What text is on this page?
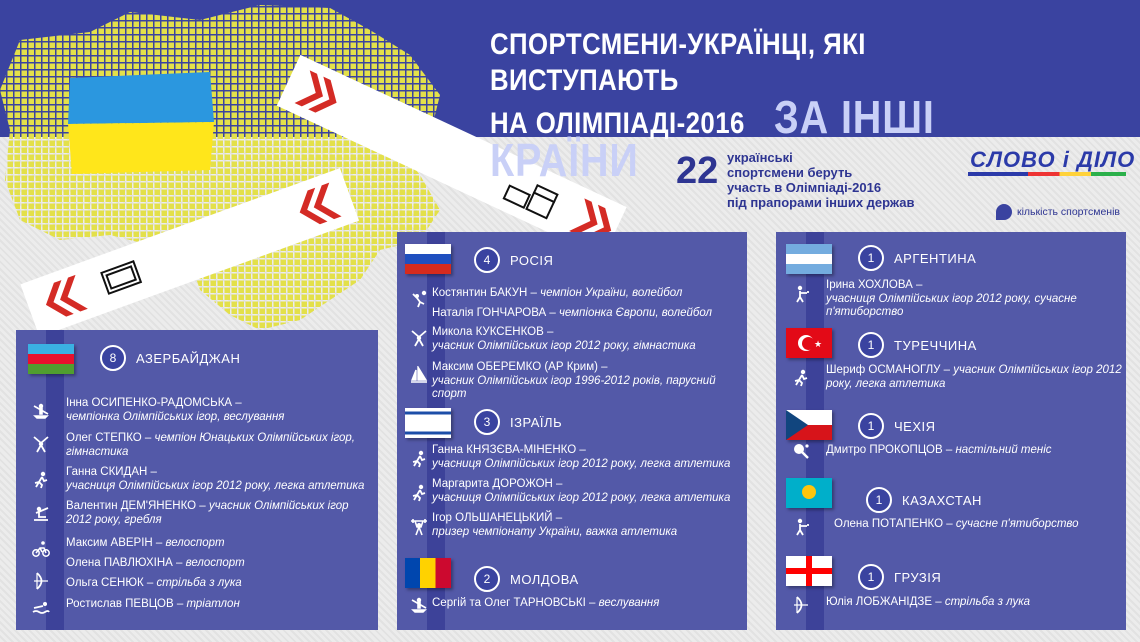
СПОРТСМЕНИ-УКРАЇНЦІ, ЯКІ ВИСТУПАЮТЬ

НА ОЛІМПІАДІ-2016 ЗА ІНШІ КРАЇНИ 22 українські
спортсмени беруть
участь в Олімпіаді-2016
під прапорами інших держав
СЛОВО і ДІЛО
кількість спортсменів
★
8	АЗЕРБАЙДЖАН
4	РОСІЯ
3	ІЗРАЇЛЬ
2	МОЛДОВА
1	АРГЕНТИНА
1	ТУРЕЧЧИНА
1	ЧЕХІЯ
1	КАЗАХСТАН
1	ГРУЗІЯ
Інна ОСИПЕНКО-РАДОМСЬКА –
чемпіонка Олімпійських ігор, веслування
Олег СТЕПКО – чемпіон Юнацьких Олімпійських ігор, гімнастика
Ганна СКИДАН –
учасниця Олімпійських ігор 2012 року, легка атлетика
Валентин ДЕМ'ЯНЕНКО – учасник Олімпійських ігор 2012 року, гребля
Максим АВЕРІН – велоспорт
Олена ПАВЛЮХІНА – велоспорт
Ольга СЕНЮК – стрільба з лука
Ростислав ПЕВЦОВ – тріатлон
Костянтин БАКУН – чемпіон України, волейбол
Наталія ГОНЧАРОВА – чемпіонка Європи, волейбол
Микола КУКСЕНКОВ –
учасник Олімпійських ігор 2012 року, гімнастика
Максим ОБЕРЕМКО (АР Крим) –
учасник Олімпійських ігор 1996-2012 років, парусний спорт
Ганна КНЯЗЄВА-МІНЕНКО –
учасниця Олімпійських ігор 2012 року, легка атлетика
Маргарита ДОРОЖОН –
учасниця Олімпійських ігор 2012 року, легка атлетика
Ігор ОЛЬШАНЕЦЬКИЙ –
призер чемпіонату України, важка атлетика
Сергій та Олег ТАРНОВСЬКІ – веслування
Ірина ХОХЛОВА –
учасниця Олімпійських ігор 2012 року, сучасне п'ятиборство
Шериф ОСМАНОГЛУ – учасник Олімпійських ігор 2012 року, легка атлетика
Дмитро ПРОКОПЦОВ – настільний теніс
Олена ПОТАПЕНКО – сучасне п'ятиборство
Юлія ЛОБЖАНІДЗЕ – стрільба з лука
